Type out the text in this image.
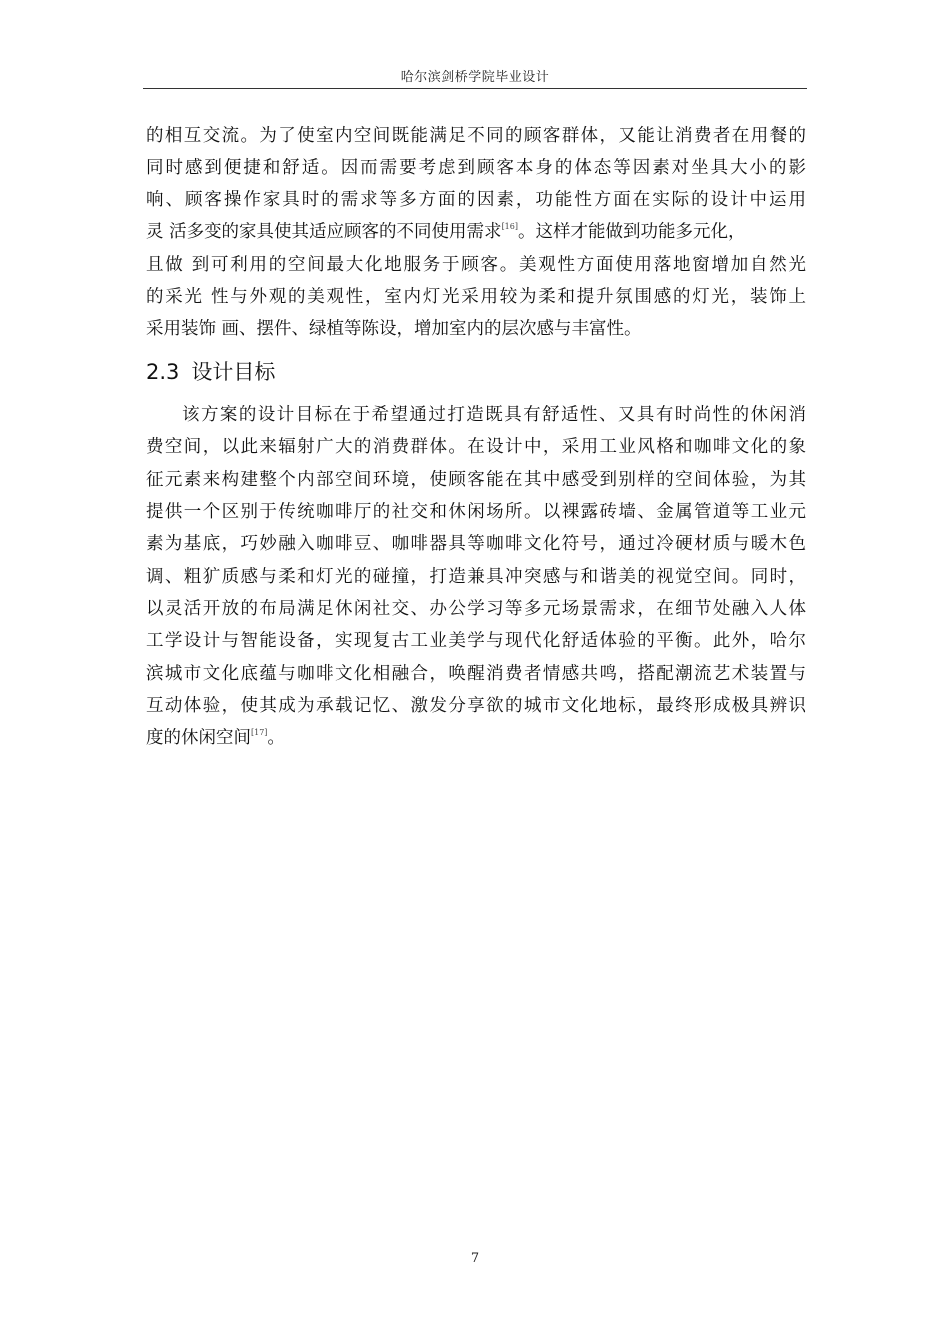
哈尔滨剑桥学院毕业设计
的相互交流。为了使室内空间既能满足不同的顾客群体，又能让消费者在用餐的
同时感到便捷和舒适。因而需要考虑到顾客本身的体态等因素对坐具大小的影
响、顾客操作家具时的需求等多方面的因素，功能性方面在实际的设计中运用
灵 活多变的家具使其适应顾客的不同使用需求[16]。这样才能做到功能多元化，
且做 到可利用的空间最大化地服务于顾客。美观性方面使用落地窗增加自然光
的采光 性与外观的美观性，室内灯光采用较为柔和提升氛围感的灯光，装饰上
采用装饰 画、摆件、绿植等陈设，增加室内的层次感与丰富性。
2.3 设计目标
该方案的设计目标在于希望通过打造既具有舒适性、又具有时尚性的休闲消
费空间，以此来辐射广大的消费群体。在设计中，采用工业风格和咖啡文化的象
征元素来构建整个内部空间环境，使顾客能在其中感受到别样的空间体验，为其
提供一个区别于传统咖啡厅的社交和休闲场所。以裸露砖墙、金属管道等工业元
素为基底，巧妙融入咖啡豆、咖啡器具等咖啡文化符号，通过冷硬材质与暖木色
调、粗犷质感与柔和灯光的碰撞，打造兼具冲突感与和谐美的视觉空间。同时，
以灵活开放的布局满足休闲社交、办公学习等多元场景需求，在细节处融入人体
工学设计与智能设备，实现复古工业美学与现代化舒适体验的平衡。此外，哈尔
滨城市文化底蕴与咖啡文化相融合，唤醒消费者情感共鸣，搭配潮流艺术装置与
互动体验，使其成为承载记忆、激发分享欲的城市文化地标，最终形成极具辨识
度的休闲空间[17]。
7
